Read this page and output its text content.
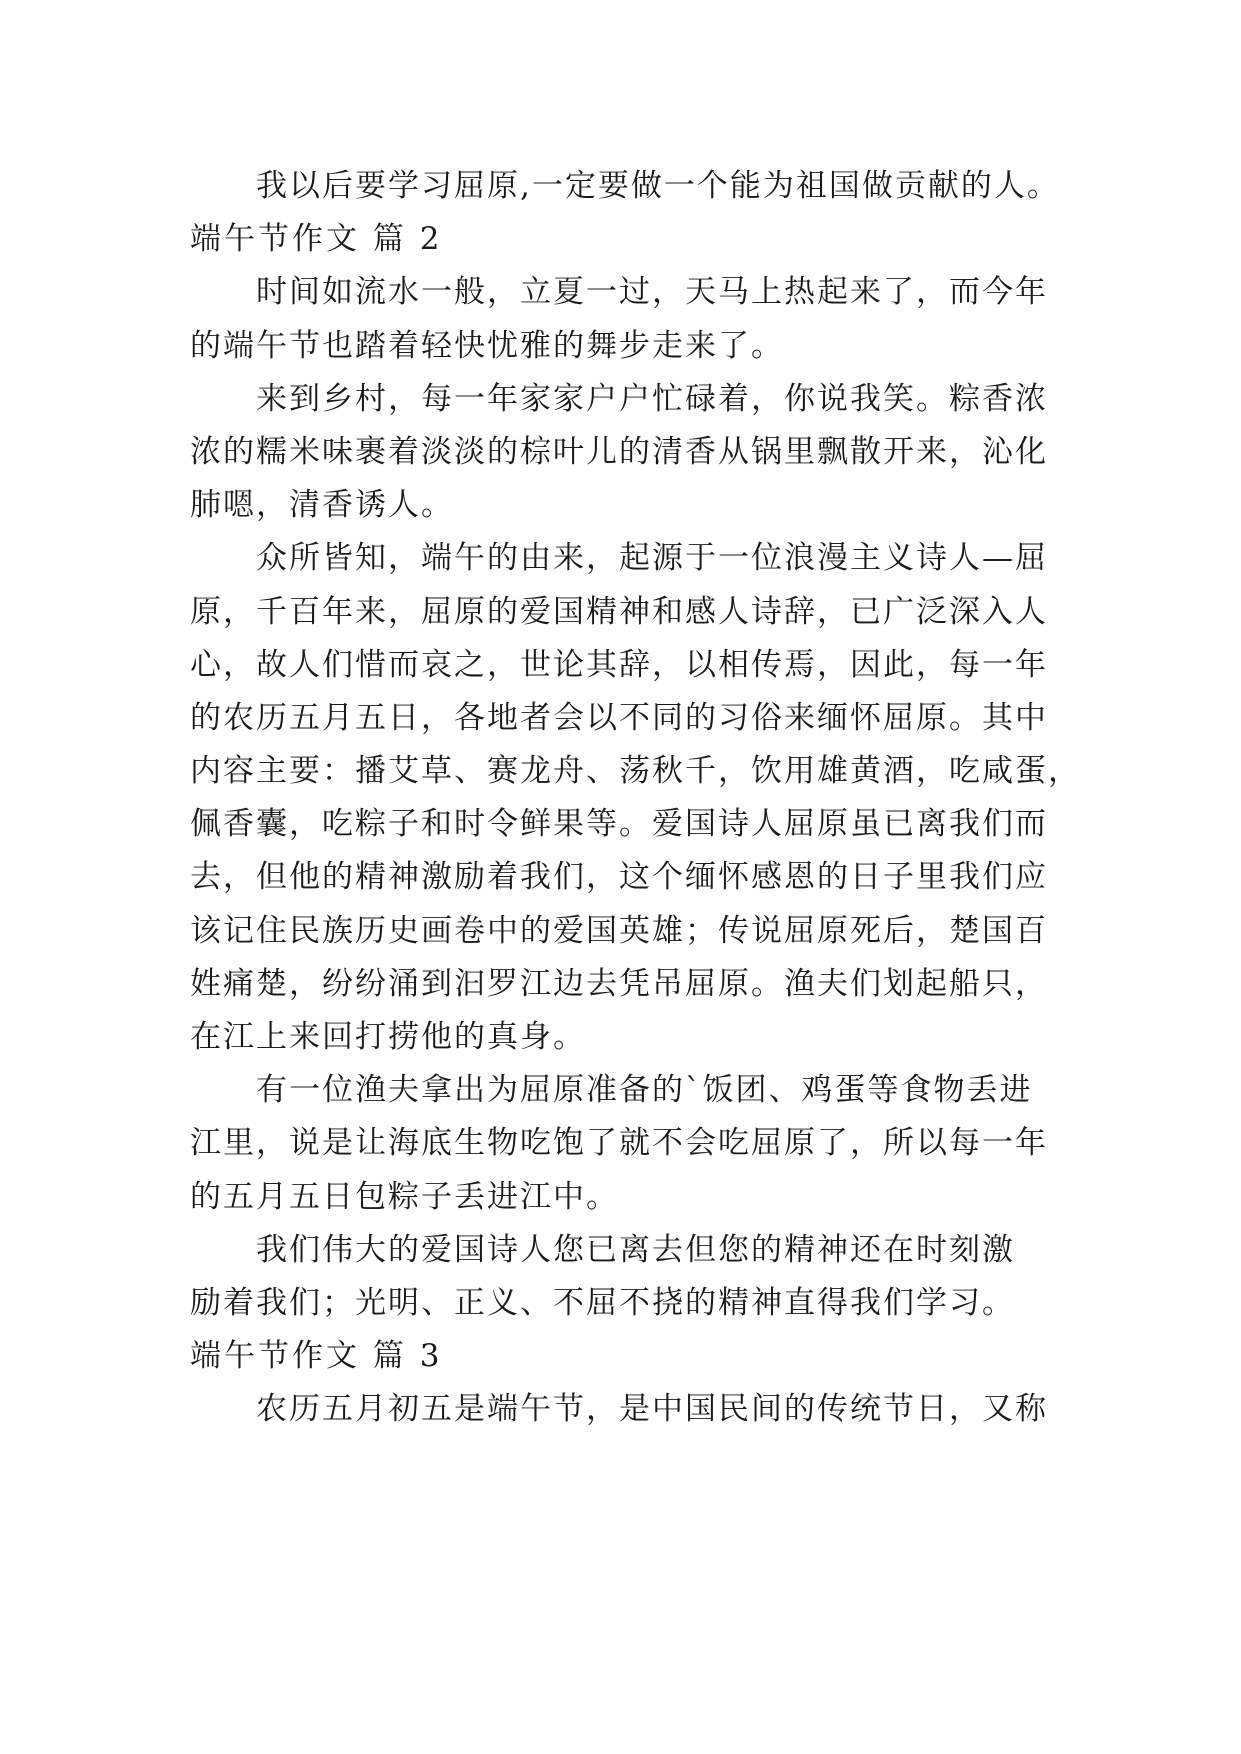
我以后要学习屈原,一定要做一个能为祖国做贡献的人。
端午节作文 篇 2
时间如流水一般，立夏一过，天马上热起来了，而今年
的端午节也踏着轻快忧雅的舞步走来了。
来到乡村，每一年家家户户忙碌着，你说我笑。粽香浓
浓的糯米味裹着淡淡的棕叶儿的清香从锅里飘散开来，沁化
肺嗯，清香诱人。
众所皆知，端午的由来，起源于一位浪漫主义诗人—屈
原，千百年来，屈原的爱国精神和感人诗辞，已广泛深入人
心，故人们惜而哀之，世论其辞，以相传焉，因此，每一年
的农历五月五日，各地者会以不同的习俗来缅怀屈原。其中
内容主要：播艾草、赛龙舟、荡秋千，饮用雄黄酒，吃咸蛋，
佩香囊，吃粽子和时令鲜果等。爱国诗人屈原虽已离我们而
去，但他的精神激励着我们，这个缅怀感恩的日子里我们应
该记住民族历史画卷中的爱国英雄；传说屈原死后，楚国百
姓痛楚，纷纷涌到汩罗江边去凭吊屈原。渔夫们划起船只，
在江上来回打捞他的真身。
有一位渔夫拿出为屈原准备的`饭团、鸡蛋等食物丢进
江里，说是让海底生物吃饱了就不会吃屈原了，所以每一年
的五月五日包粽子丢进江中。
我们伟大的爱国诗人您已离去但您的精神还在时刻激
励着我们；光明、正义、不屈不挠的精神直得我们学习。
端午节作文 篇 3
农历五月初五是端午节，是中国民间的传统节日，又称
